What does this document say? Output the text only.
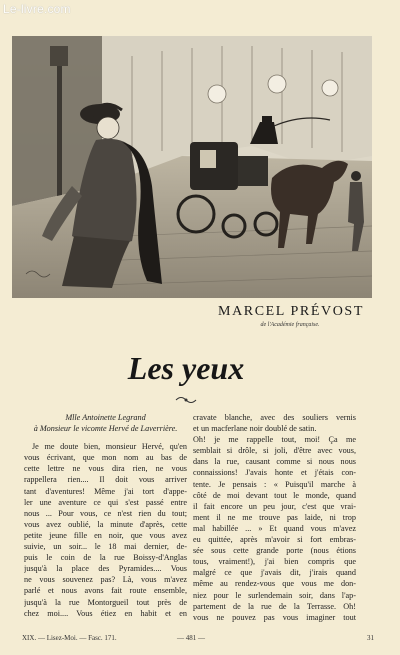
Le-livre.com
MARCEL PRÉVOST
de l'Académie française.
Les yeux
Mlle Antoinette Legrand
à Monsieur le vicomte Hervé de Laverrière.
Je me doute bien, monsieur Hervé, qu'en
vous écrivant, que mon nom au bas de
cette lettre ne vous dira rien, ne vous
rappellera rien.... Il doit vous arriver
tant d'aventures! Même j'ai tort d'appe-
ler une aventure ce qui s'est passé entre
nous ... Pour vous, ce n'est rien du tout;
vous avez oublié, la minute d'après, cette
petite jeune fille en noir, que vous avez
suivie, un soir... le 18 mai dernier, de-
puis le coin de la rue Boissy-d'Anglas
jusqu'à la place des Pyramides.... Vous
ne vous souvenez pas? Là, vous m'avez
parlé et nous avons fait route ensemble,
jusqu'à la rue Montorgueil tout près de
chez moi.... Vous étiez en habit et en
cravate blanche, avec des souliers vernis
et un macferlane noir doublé de satin.
Oh! je me rappelle tout, moi! Ça me
semblait si drôle, si joli, d'être avec vous,
dans la rue, causant comme si nous nous
connaissions! J'avais honte et j'étais con-
tente. Je pensais : « Puisqu'il marche à
côté de moi devant tout le monde, quand
il fait encore un peu jour, c'est que vrai-
ment il ne me trouve pas laide, ni trop
mal habillée ... » Et quand vous m'avez
eu quittée, après m'avoir si fort embras-
sée sous cette grande porte (nous étions
tous, vraiment!), j'ai bien compris que
malgré ce que j'avais dit, j'irais quand
même au rendez-vous que vous me don-
niez pour le surlendemain soir, dans l'ap-
partement de la rue de la Terrasse. Oh!
vous ne pouvez pas vous imaginer tout
XIX. — Lisez-Moi. — Fasc. 171.	— 481 —	31
